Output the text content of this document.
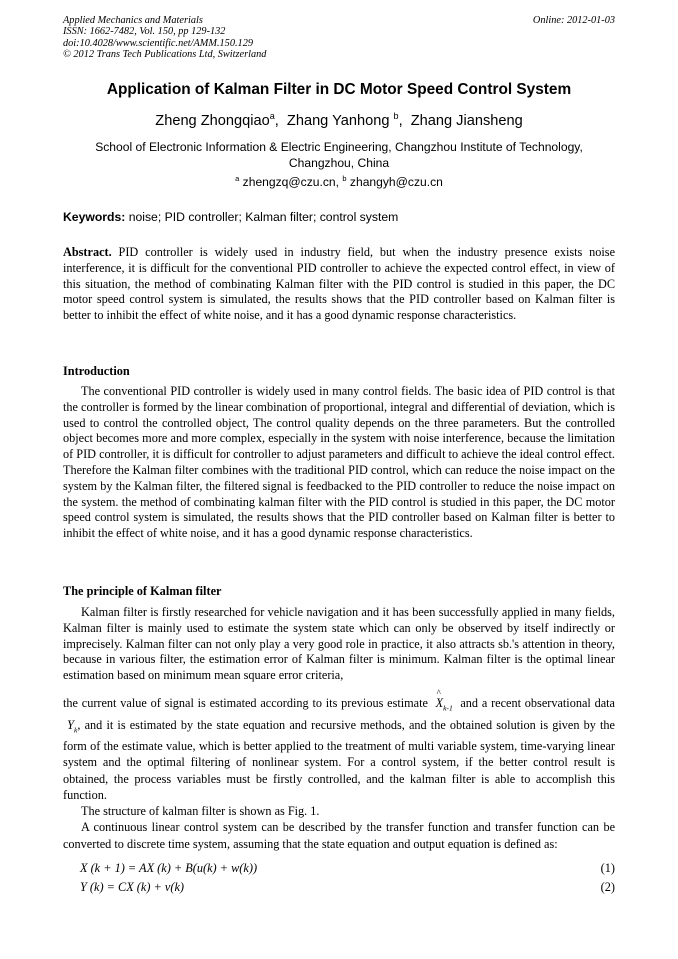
Applied Mechanics and Materials
ISSN: 1662-7482, Vol. 150, pp 129-132
doi:10.4028/www.scientific.net/AMM.150.129
© 2012 Trans Tech Publications Ltd, Switzerland
Online: 2012-01-03
Application of Kalman Filter in DC Motor Speed Control System
Zheng Zhongqiao$^a$,  Zhang Yanhong $^b$,  Zhang Jiansheng
School of Electronic Information & Electric Engineering, Changzhou Institute of Technology,
Changzhou, China
$^a$ zhengzq@czu.cn, $^b$ zhangyh@czu.cn
Keywords: noise; PID controller; Kalman filter; control system

Abstract. PID controller is widely used in industry field, but when the industry presence exists noise interference, it is difficult for the conventional PID controller to achieve the expected control effect, in view of this situation, the method of combinating Kalman filter with the PID control is studied in this paper, the DC motor speed control system is simulated, the results shows that the PID controller based on Kalman filter is better to inhibit the effect of white noise, and it has a good dynamic response characteristics.

Introduction

The conventional PID controller is widely used in many control fields. The basic idea of PID control is that the controller is formed by the linear combination of proportional, integral and differential of deviation, which is used to control the controlled object, The control quality depends on the three parameters. But the controlled object becomes more and more complex, especially in the system with noise interference, because the limitation of PID controller, it is difficult for controller to adjust parameters and difficult to achieve the ideal control effect. Therefore the Kalman filter combines with the traditional PID control, which can reduce the noise impact on the system by the Kalman filter, the filtered signal is feedbacked to the PID controller to reduce the noise impact on the system. the method of combinating kalman filter with the PID control is studied in this paper, the DC motor speed control system is simulated, the results shows that the PID controller based on Kalman filter is better to inhibit the effect of white noise, and it has a good dynamic response characteristics.

The principle of Kalman filter

Kalman filter is firstly researched for vehicle navigation and it has been successfully applied in many fields, Kalman filter is mainly used to estimate the system state which can only be observed by itself indirectly or imprecisely. Kalman filter can not only play a very good role in practice, it also attracts sb.'s attention in theory, because in various filter, the estimation error of Kalman filter is minimum. Kalman filter is the optimal linear estimation based on minimum mean square error criteria,

the current value of signal is estimated according to its previous estimate
^
$X_{k-1}$ and a recent observational data  $Y_k$, and it is estimated by the state equation and recursive methods, and the obtained solution is given by the form of the estimate value, which is better applied to the treatment of multi variable system, time-varying linear system and the optimal filtering of nonlinear system. For a control system, if the better control result is obtained, the process variables must be firstly controlled, and the kalman filter is able to accomplish this function.

The structure of kalman filter is shown as Fig. 1.

A continuous linear control system can be described by the transfer function and transfer function can be converted to discrete time system, assuming that the state equation and output equation is defined as:

X (k + 1) = AX (k) + B(u(k) + w(k))	(1)
Y (k) = CX (k) + v(k)	(2)
